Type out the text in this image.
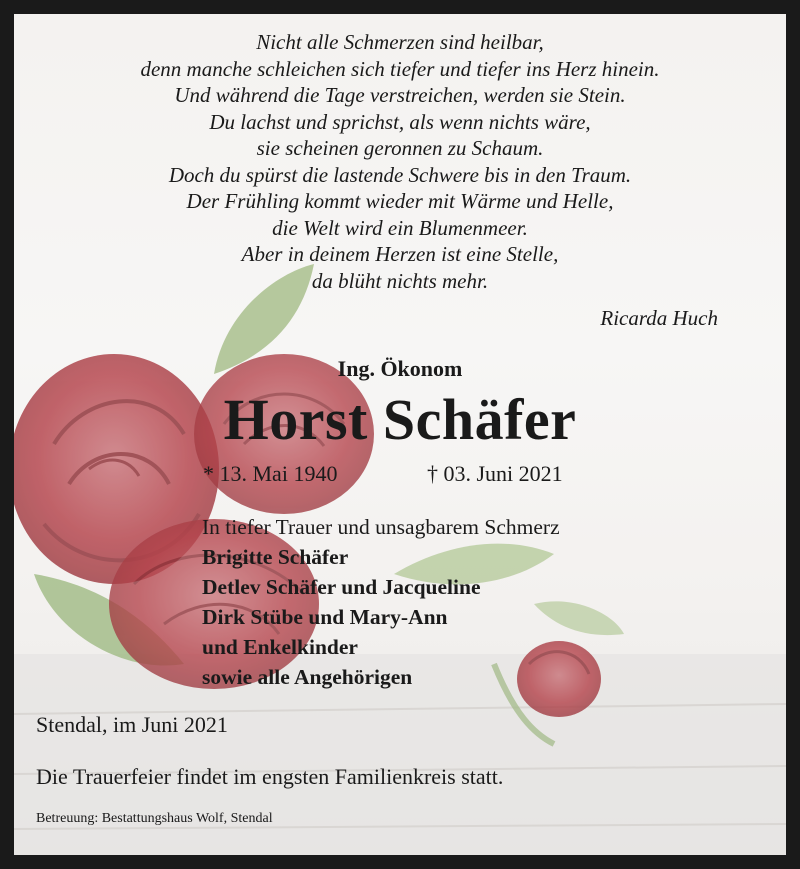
Nicht alle Schmerzen sind heilbar,
denn manche schleichen sich tiefer und tiefer ins Herz hinein.
Und während die Tage verstreichen, werden sie Stein.
Du lachst und sprichst, als wenn nichts wäre,
sie scheinen geronnen zu Schaum.
Doch du spürst die lastende Schwere bis in den Traum.
Der Frühling kommt wieder mit Wärme und Helle,
die Welt wird ein Blumenmeer.
Aber in deinem Herzen ist eine Stelle,
da blüht nichts mehr.
Ricarda Huch
Ing. Ökonom
Horst Schäfer
* 13. Mai 1940	† 03. Juni 2021
In tiefer Trauer und unsagbarem Schmerz
Brigitte Schäfer
Detlev Schäfer und Jacqueline
Dirk Stübe und Mary-Ann
und Enkelkinder
sowie alle Angehörigen
Stendal, im Juni 2021
Die Trauerfeier findet im engsten Familienkreis statt.
Betreuung: Bestattungshaus Wolf, Stendal
